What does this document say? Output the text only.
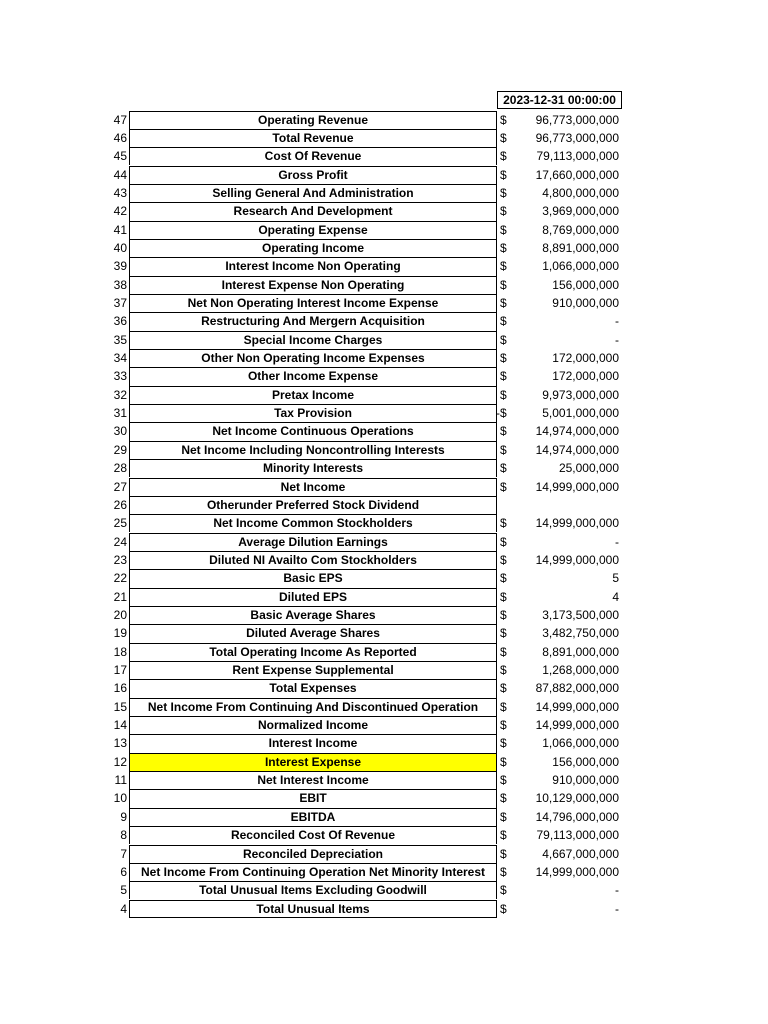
2023-12-31 00:00:00
47	Operating Revenue	$	96,773,000,000
46	Total Revenue	$	96,773,000,000
45	Cost Of Revenue	$	79,113,000,000
44	Gross Profit	$	17,660,000,000
43	Selling General And Administration	$	4,800,000,000
42	Research And Development	$	3,969,000,000
41	Operating Expense	$	8,769,000,000
40	Operating Income	$	8,891,000,000
39	Interest Income Non Operating	$	1,066,000,000
38	Interest Expense Non Operating	$	156,000,000
37	Net Non Operating Interest Income Expense	$	910,000,000
36	Restructuring And Mergern Acquisition	$	-
35	Special Income Charges	$	-
34	Other Non Operating Income Expenses	$	172,000,000
33	Other Income Expense	$	172,000,000
32	Pretax Income	$	9,973,000,000
31	Tax Provision	-$	5,001,000,000
30	Net Income Continuous Operations	$	14,974,000,000
29	Net Income Including Noncontrolling Interests	$	14,974,000,000
28	Minority Interests	$	25,000,000
27	Net Income	$	14,999,000,000
26	Otherunder Preferred Stock Dividend
25	Net Income Common Stockholders	$	14,999,000,000
24	Average Dilution Earnings	$	-
23	Diluted NI Availto Com Stockholders	$	14,999,000,000
22	Basic EPS	$	5
21	Diluted EPS	$	4
20	Basic Average Shares	$	3,173,500,000
19	Diluted Average Shares	$	3,482,750,000
18	Total Operating Income As Reported	$	8,891,000,000
17	Rent Expense Supplemental	$	1,268,000,000
16	Total Expenses	$	87,882,000,000
15	Net Income From Continuing And Discontinued Operation	$	14,999,000,000
14	Normalized Income	$	14,999,000,000
13	Interest Income	$	1,066,000,000
12	Interest Expense	$	156,000,000
11	Net Interest Income	$	910,000,000
10	EBIT	$	10,129,000,000
9	EBITDA	$	14,796,000,000
8	Reconciled Cost Of Revenue	$	79,113,000,000
7	Reconciled Depreciation	$	4,667,000,000
6	Net Income From Continuing Operation Net Minority Interest	$	14,999,000,000
5	Total Unusual Items Excluding Goodwill	$	-
4	Total Unusual Items	$	-
